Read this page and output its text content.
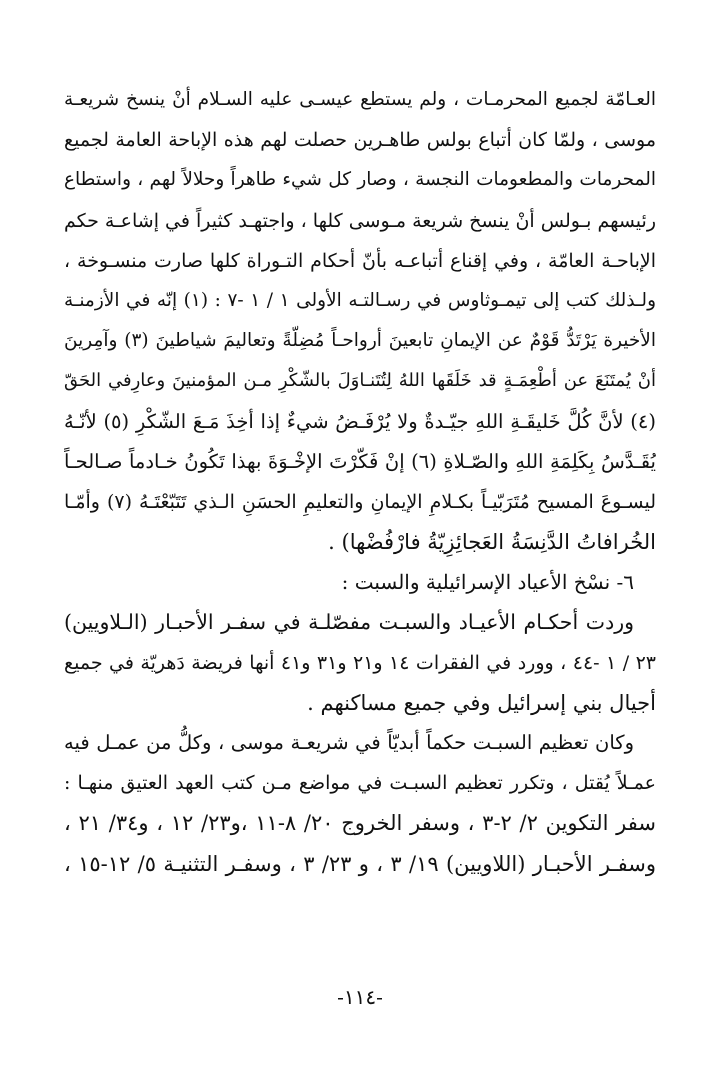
العـامّة لجميع المحرمـات ، ولم يستطع عيسـى عليه السـلام أنْ ينسخ شريعـة
موسى ، ولمّا كان أتباع بولس طاهـرين حصلت لهم هذه الإباحة العامة لجميع
المحرمات والمطعومات النجسة ، وصار كل شيء طاهراً وحلالاً لهم ، واستطاع
رئيسهم بـولس أنْ ينسخ شريعة مـوسى كلها ، واجتهـد كثيراً في إشاعـة حكم
الإباحـة العامّة ، وفي إقناع أتباعـه بأنّ أحكام التـوراة كلها صارت منسـوخة ،
ولـذلك كتب إلى تيمـوثاوس في رسـالتـه الأولى ١ / ١ -٧ : (١) إنّه في الأزمنـة
الأخيرة يَرْتَدُّ قَوْمٌ عن الإيمانِ تابعينَ أرواحـاً مُضِلّةً وتعاليمَ شياطينَ (٣) وآمِرينَ
أنْ يُمتَنَعَ عن أطْعِمَـةٍ قد خَلَقَها اللهُ لِتُتَنـاوَلَ بالشّكْرِ مـن المؤمنينَ وعارِفي الحَقّ
(٤) لأنَّ كُلَّ خَليقَـةِ اللهِ جيّـدةٌ ولا يُرْفَـضُ شيءٌ إذا أخِذَ مَـعَ الشّكْرِ (٥) لأنّـهُ
يُقَـدَّسُ بِكَلِمَةِ اللهِ والصّـلاةِ (٦) إنْ فَكّرْتَ الإخْـوَةَ بهذا تَكُونُ خـادماً صـالحـاً
ليسـوعَ المسيح مُتَرَبّيـاً بكـلامِ الإيمانِ والتعليمِ الحسَنِ الـذي تَتَبّعْتَـهُ (٧) وأمّـا
الخُرافاتُ الدَّنِسَةُ العَجائِزِيّةُ فارْفُضْها) .
٦- نسْخ الأعياد الإسرائيلية والسبت :
وردت أحكـام الأعيـاد والسبـت مفصّلـة في سفـر الأحبـار (الـلاويين)
٢٣ / ١ -٤٤ ، وورد في الفقرات ١٤ و٢١ و٣١ و٤١ أنها فريضة دَهريّة في جميع
أجيال بني إسرائيل وفي جميع مساكنهم .
وكان تعظيم السبـت حكماً أبديّاً في شريعـة موسى ، وكلُّ من عمـل فيه
عمـلاً يُقتل ، وتكرر تعظيم السبـت في مواضع مـن كتب العهد العتيق منهـا :
سفر التكوين ٢/ ٢-٣ ، وسفر الخروج ٢٠/ ٨-١١ ،و٢٣/ ١٢ ، و٣٤/ ٢١ ،
وسفـر الأحبـار (اللاويين) ١٩/ ٣ ، و ٢٣/ ٣ ، وسفـر التثنيـة ٥/ ١٢-١٥ ،
-١١٤-
